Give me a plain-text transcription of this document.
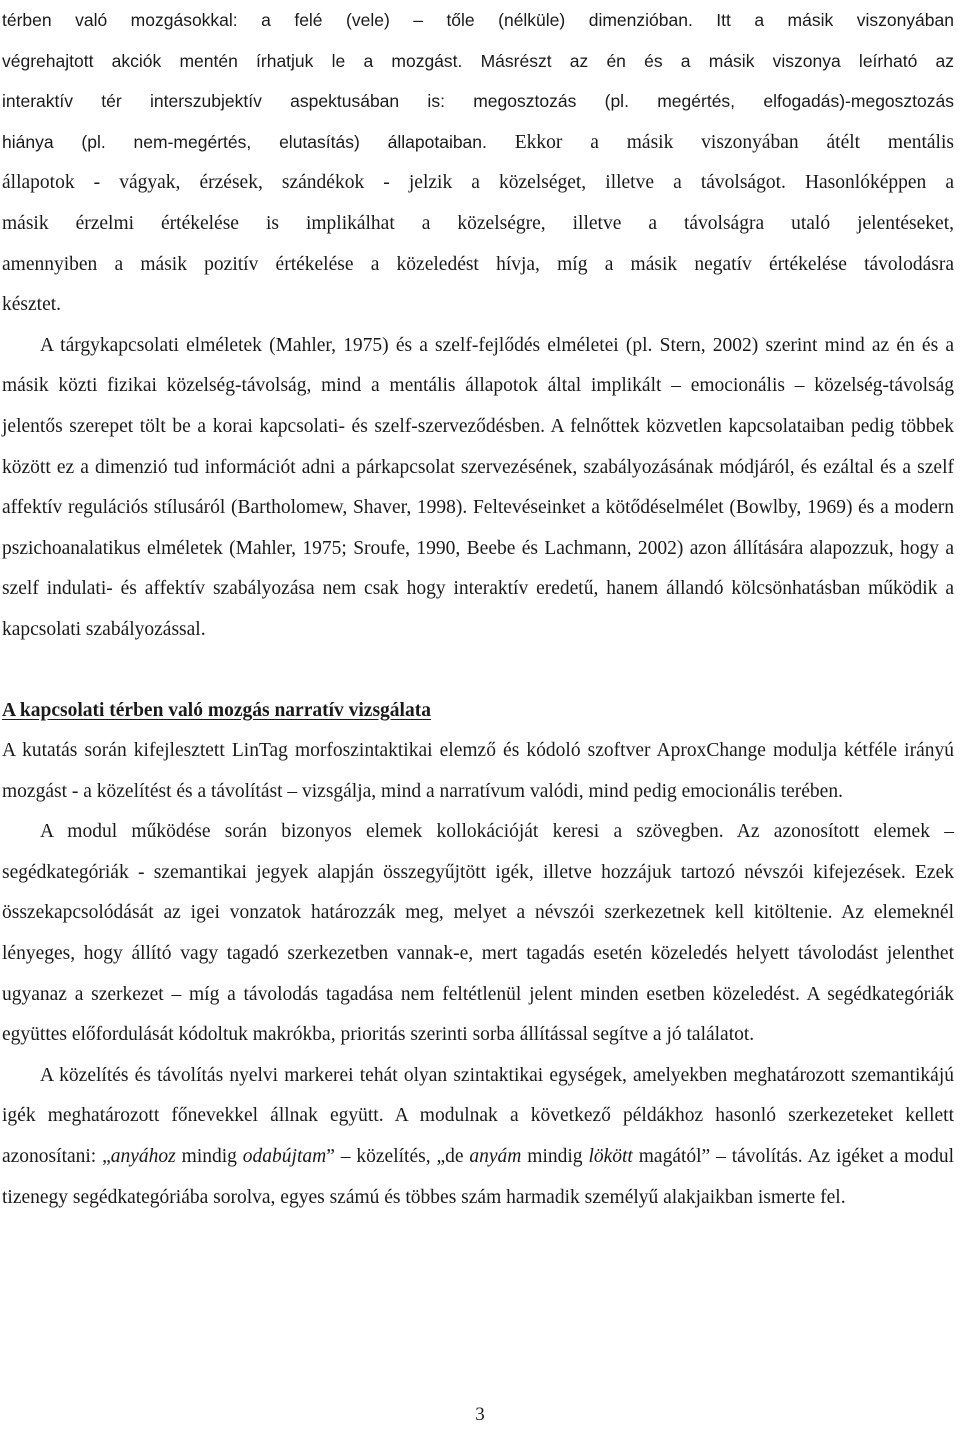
térben való mozgásokkal: a felé (vele) – tőle (nélküle) dimenzióban. Itt a másik viszonyában

végrehajtott akciók mentén írhatjuk le a mozgást. Másrészt az én és a másik viszonya leírható az

interaktív tér interszubjektív aspektusában is: megosztozás (pl. megértés, elfogadás)-megosztozás

hiánya (pl. nem-megértés, elutasítás) állapotaiban. Ekkor a másik viszonyában átélt mentális

állapotok - vágyak, érzések, szándékok - jelzik a közelséget, illetve a távolságot. Hasonlóképpen a

másik érzelmi értékelése is implikálhat a közelségre, illetve a távolságra utaló jelentéseket,

amennyiben a másik pozitív értékelése a közeledést hívja, míg a másik negatív értékelése távolodásra

késztet.

A tárgykapcsolati elméletek (Mahler, 1975) és a szelf-fejlődés elméletei (pl. Stern, 2002) szerint mind az én és a másik közti fizikai közelség-távolság, mind a mentális állapotok által implikált – emocionális – közelség-távolság jelentős szerepet tölt be a korai kapcsolati- és szelf-szerveződésben. A felnőttek közvetlen kapcsolataiban pedig többek között ez a dimenzió tud információt adni a párkapcsolat szervezésének, szabályozásának módjáról, és ezáltal és a szelf affektív regulációs stílusáról (Bartholomew, Shaver, 1998). Feltevéseinket a kötődéselmélet (Bowlby, 1969) és a modern pszichoanalatikus elméletek (Mahler, 1975; Sroufe, 1990, Beebe és Lachmann, 2002) azon állítására alapozzuk, hogy a szelf indulati- és affektív szabályozása nem csak hogy interaktív eredetű, hanem állandó kölcsönhatásban működik a kapcsolati szabályozással.

A kapcsolati térben való mozgás narratív vizsgálata

A kutatás során kifejlesztett LinTag morfoszintaktikai elemző és kódoló szoftver AproxChange modulja kétféle irányú mozgást - a közelítést és a távolítást – vizsgálja, mind a narratívum valódi, mind pedig emocionális terében.

A modul működése során bizonyos elemek kollokációját keresi a szövegben. Az azonosított elemek – segédkategóriák - szemantikai jegyek alapján összegyűjtött igék, illetve hozzájuk tartozó névszói kifejezések. Ezek összekapcsolódását az igei vonzatok határozzák meg, melyet a névszói szerkezetnek kell kitöltenie. Az elemeknél lényeges, hogy állító vagy tagadó szerkezetben vannak-e, mert tagadás esetén közeledés helyett távolodást jelenthet ugyanaz a szerkezet – míg a távolodás tagadása nem feltétlenül jelent minden esetben közeledést. A segédkategóriák együttes előfordulását kódoltuk makrókba, prioritás szerinti sorba állítással segítve a jó találatot.

A közelítés és távolítás nyelvi markerei tehát olyan szintaktikai egységek, amelyekben meghatározott szemantikájú igék meghatározott főnevekkel állnak együtt. A modulnak a következő példákhoz hasonló szerkezeteket kellett azonosítani: „anyához mindig odabújtam” – közelítés, „de anyám mindig lökött magától” – távolítás. Az igéket a modul tizenegy segédkategóriába sorolva, egyes számú és többes szám harmadik személyű alakjaikban ismerte fel.

3
